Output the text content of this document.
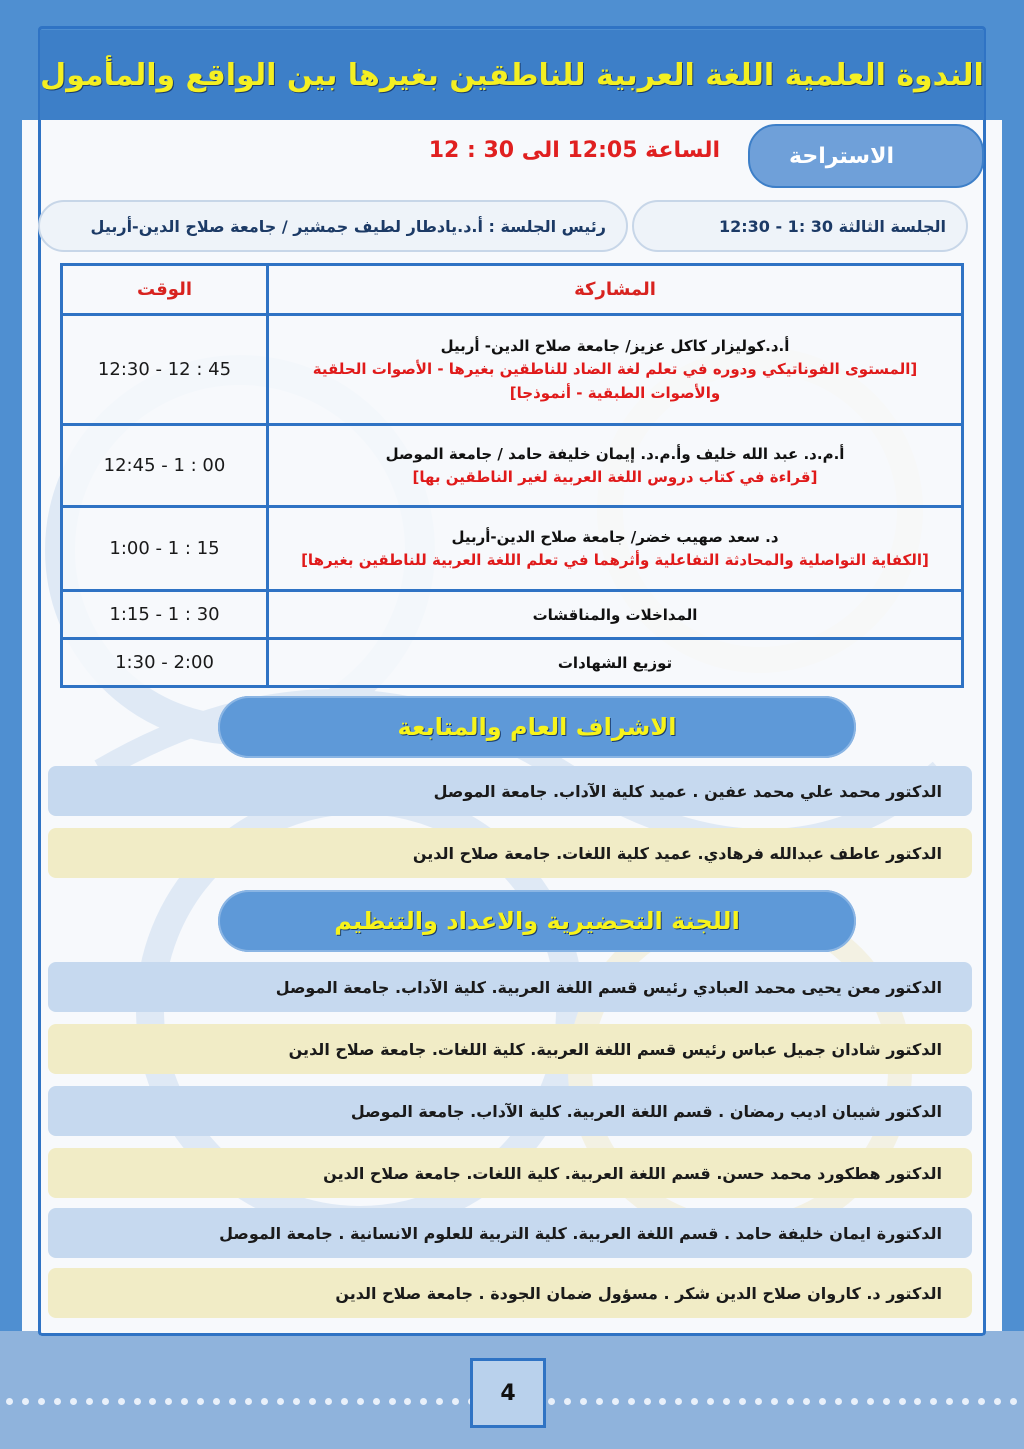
الندوة العلمية اللغة العربية للناطقين بغيرها بين الواقع والمأمول
الاستراحة
الساعة 12:05 الى 30 : 12
رئيس الجلسة : أ.د.يادطار لطيف جمشير / جامعة صلاح الدين-أربيل	الجلسة الثالثة 30 :1 - 12:30
الوقت	المشاركة
12:30 - 12 : 45	أ.د.كوليزار كاكل عزيز/ جامعة صلاح الدين- أربيل
[المستوى الفوناتيكي ودوره في تعلم لغة الضاد للناطقين بغيرها - الأصوات الحلقية والأصوات الطبقية - أنموذجا]

12:45 - 1 : 00	أ.م.د. عبد الله خليف وأ.م.د. إيمان خليفة حامد / جامعة الموصل
[قراءة في كتاب دروس اللغة العربية لغير الناطقين بها]

1:00 - 1 : 15	د. سعد صهيب خضر/ جامعة صلاح الدين-أربيل
[الكفاية التواصلية والمحادثة التفاعلية وأثرهما في تعلم اللغة العربية للناطقين بغيرها]

1:15 - 1 : 30	المداخلات والمناقشات

1:30 - 2:00	توزيع الشهادات
الاشراف العام والمتابعة
الدكتور محمد علي محمد عفين . عميد كلية الآداب. جامعة الموصل
الدكتور عاطف عبدالله فرهادي. عميد كلية اللغات. جامعة صلاح الدين
اللجنة التحضيرية والاعداد والتنظيم
الدكتور معن يحيى محمد العبادي رئيس قسم اللغة العربية. كلية الآداب. جامعة الموصل
الدكتور شادان جميل عباس رئيس قسم اللغة العربية. كلية اللغات. جامعة صلاح الدين
الدكتور شيبان اديب رمضان . قسم اللغة العربية. كلية الآداب. جامعة الموصل
الدكتور هطكورد محمد حسن. قسم اللغة العربية. كلية اللغات. جامعة صلاح الدين
الدكتورة ايمان خليفة حامد . قسم اللغة العربية. كلية التربية للعلوم الانسانية . جامعة الموصل
الدكتور د. كاروان صلاح الدين شكر . مسؤول ضمان الجودة . جامعة صلاح الدين
4
